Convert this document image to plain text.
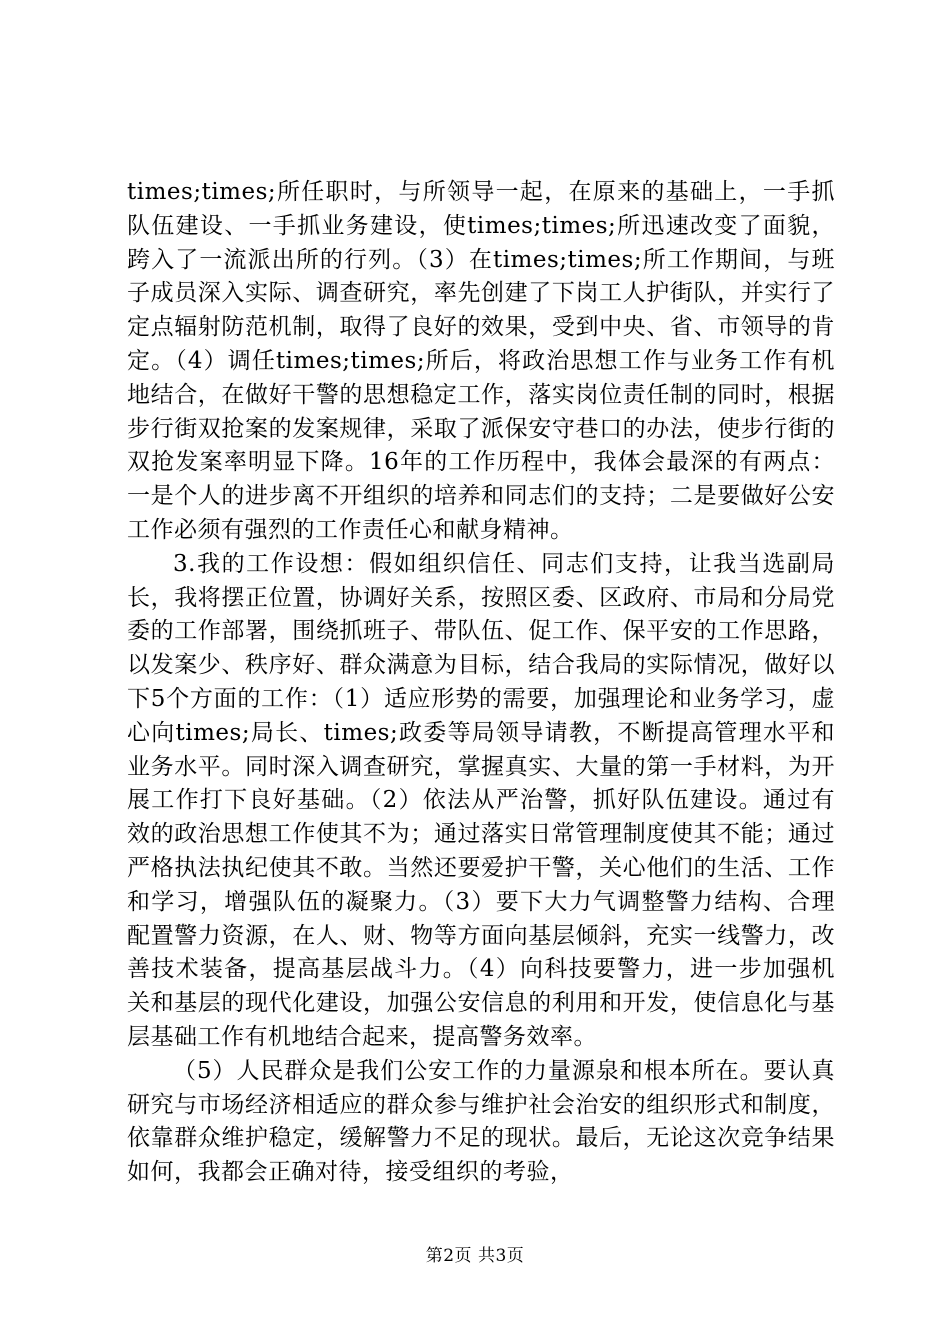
times;times;所任职时，与所领导一起，在原来的基础上，一手抓队伍建设、一手抓业务建设，使times;times;所迅速改变了面貌，跨入了一流派出所的行列。（3）在times;times;所工作期间，与班子成员深入实际、调查研究，率先创建了下岗工人护街队，并实行了定点辐射防范机制，取得了良好的效果，受到中央、省、市领导的肯定。（4）调任times;times;所后，将政治思想工作与业务工作有机地结合，在做好干警的思想稳定工作，落实岗位责任制的同时，根据步行街双抢案的发案规律，采取了派保安守巷口的办法，使步行街的双抢发案率明显下降。16年的工作历程中，我体会最深的有两点：一是个人的进步离不开组织的培养和同志们的支持；二是要做好公安工作必须有强烈的工作责任心和献身精神。

3.我的工作设想：假如组织信任、同志们支持，让我当选副局长，我将摆正位置，协调好关系，按照区委、区政府、市局和分局党委的工作部署，围绕抓班子、带队伍、促工作、保平安的工作思路，以发案少、秩序好、群众满意为目标，结合我局的实际情况，做好以下5个方面的工作：（1）适应形势的需要，加强理论和业务学习，虚心向times;局长、times;政委等局领导请教，不断提高管理水平和业务水平。同时深入调查研究，掌握真实、大量的第一手材料，为开展工作打下良好基础。（2）依法从严治警，抓好队伍建设。通过有效的政治思想工作使其不为；通过落实日常管理制度使其不能；通过严格执法执纪使其不敢。当然还要爱护干警，关心他们的生活、工作和学习，增强队伍的凝聚力。（3）要下大力气调整警力结构、合理配置警力资源，在人、财、物等方面向基层倾斜，充实一线警力，改善技术装备，提高基层战斗力。（4）向科技要警力，进一步加强机关和基层的现代化建设，加强公安信息的利用和开发，使信息化与基层基础工作有机地结合起来，提高警务效率。

（5）人民群众是我们公安工作的力量源泉和根本所在。要认真研究与市场经济相适应的群众参与维护社会治安的组织形式和制度，依靠群众维护稳定，缓解警力不足的现状。最后，无论这次竞争结果如何，我都会正确对待，接受组织的考验，

第2页 共3页
